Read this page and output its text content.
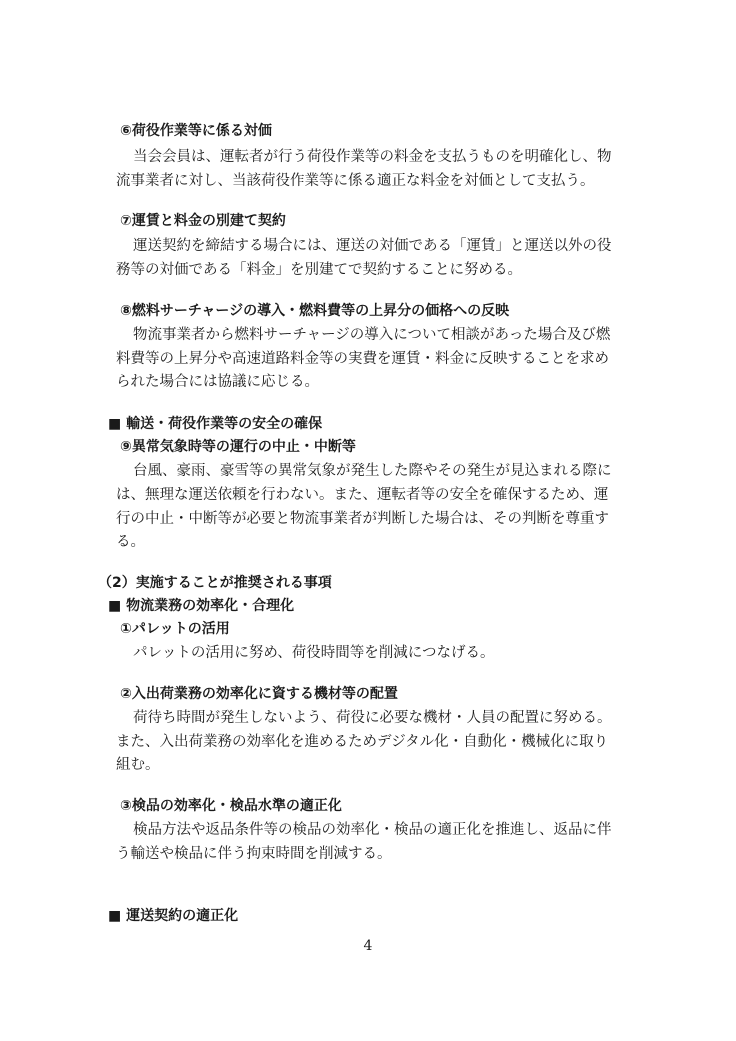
⑥荷役作業等に係る対価
当会会員は、運転者が行う荷役作業等の料金を支払うものを明確化し、物
流事業者に対し、当該荷役作業等に係る適正な料金を対価として支払う。
⑦運賃と料金の別建て契約
運送契約を締結する場合には、運送の対価である「運賃」と運送以外の役
務等の対価である「料金」を別建てで契約することに努める。
⑧燃料サーチャージの導入・燃料費等の上昇分の価格への反映
物流事業者から燃料サーチャージの導入について相談があった場合及び燃
料費等の上昇分や高速道路料金等の実費を運賃・料金に反映することを求め
られた場合には協議に応じる。
■ 輸送・荷役作業等の安全の確保
⑨異常気象時等の運行の中止・中断等
台風、豪雨、豪雪等の異常気象が発生した際やその発生が見込まれる際に
は、無理な運送依頼を行わない。また、運転者等の安全を確保するため、運
行の中止・中断等が必要と物流事業者が判断した場合は、その判断を尊重す
る。
（2）実施することが推奨される事項
■ 物流業務の効率化・合理化
①パレットの活用
パレットの活用に努め、荷役時間等を削減につなげる。
②入出荷業務の効率化に資する機材等の配置
荷待ち時間が発生しないよう、荷役に必要な機材・人員の配置に努める。
また、入出荷業務の効率化を進めるためデジタル化・自動化・機械化に取り
組む。
③検品の効率化・検品水準の適正化
検品方法や返品条件等の検品の効率化・検品の適正化を推進し、返品に伴
う輸送や検品に伴う拘束時間を削減する。
■ 運送契約の適正化
4
